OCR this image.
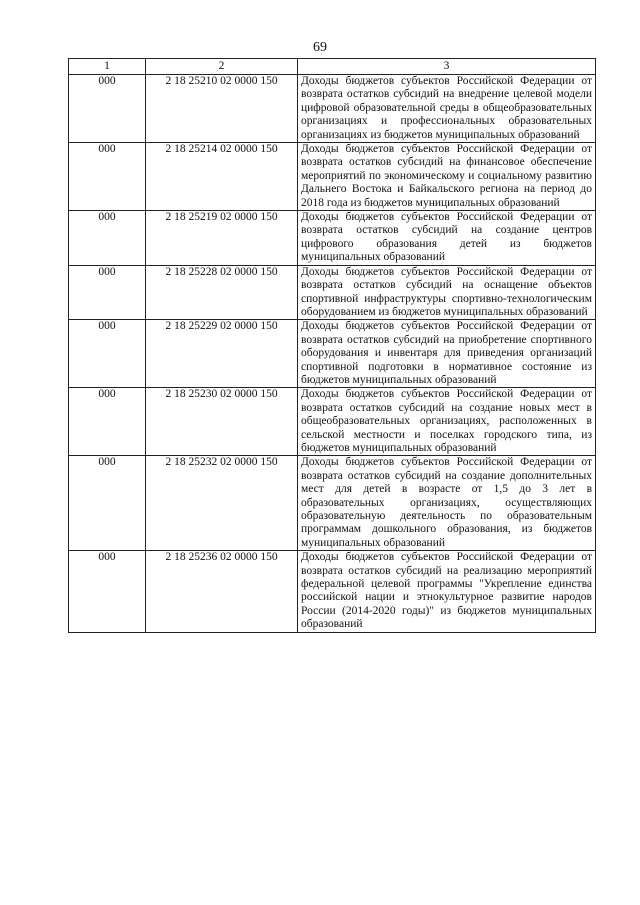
69
1	2	3
000	2 18 25210 02 0000 150	Доходы бюджетов субъектов Российской Федерации от возврата остатков субсидий на внедрение целевой модели цифровой образовательной среды в общеобразовательных организациях и профессиональных образовательных организациях из бюджетов муниципальных образований
000	2 18 25214 02 0000 150	Доходы бюджетов субъектов Российской Федерации от возврата остатков субсидий на финансовое обеспечение мероприятий по экономическому и социальному развитию Дальнего Востока и Байкальского региона на период до 2018 года из бюджетов муниципальных образований
000	2 18 25219 02 0000 150	Доходы бюджетов субъектов Российской Федерации от возврата остатков субсидий на создание центров цифрового образования детей из бюджетов муниципальных образований
000	2 18 25228 02 0000 150	Доходы бюджетов субъектов Российской Федерации от возврата остатков субсидий на оснащение объектов спортивной инфраструктуры спортивно-технологическим оборудованием из бюджетов муниципальных образований
000	2 18 25229 02 0000 150	Доходы бюджетов субъектов Российской Федерации от возврата остатков субсидий на приобретение спортивного оборудования и инвентаря для приведения организаций спортивной подготовки в нормативное состояние из бюджетов муниципальных образований
000	2 18 25230 02 0000 150	Доходы бюджетов субъектов Российской Федерации от возврата остатков субсидий на создание новых мест в общеобразовательных организациях, расположенных в сельской местности и поселках городского типа, из бюджетов муниципальных образований
000	2 18 25232 02 0000 150	Доходы бюджетов субъектов Российской Федерации от возврата остатков субсидий на создание дополнительных мест для детей в возрасте от 1,5 до 3 лет в образовательных организациях, осуществляющих образовательную деятельность по образовательным программам дошкольного образования, из бюджетов муниципальных образований
000	2 18 25236 02 0000 150	Доходы бюджетов субъектов Российской Федерации от возврата остатков субсидий на реализацию мероприятий федеральной целевой программы "Укрепление единства российской нации и этнокультурное развитие народов России (2014-2020 годы)" из бюджетов муниципальных образований
